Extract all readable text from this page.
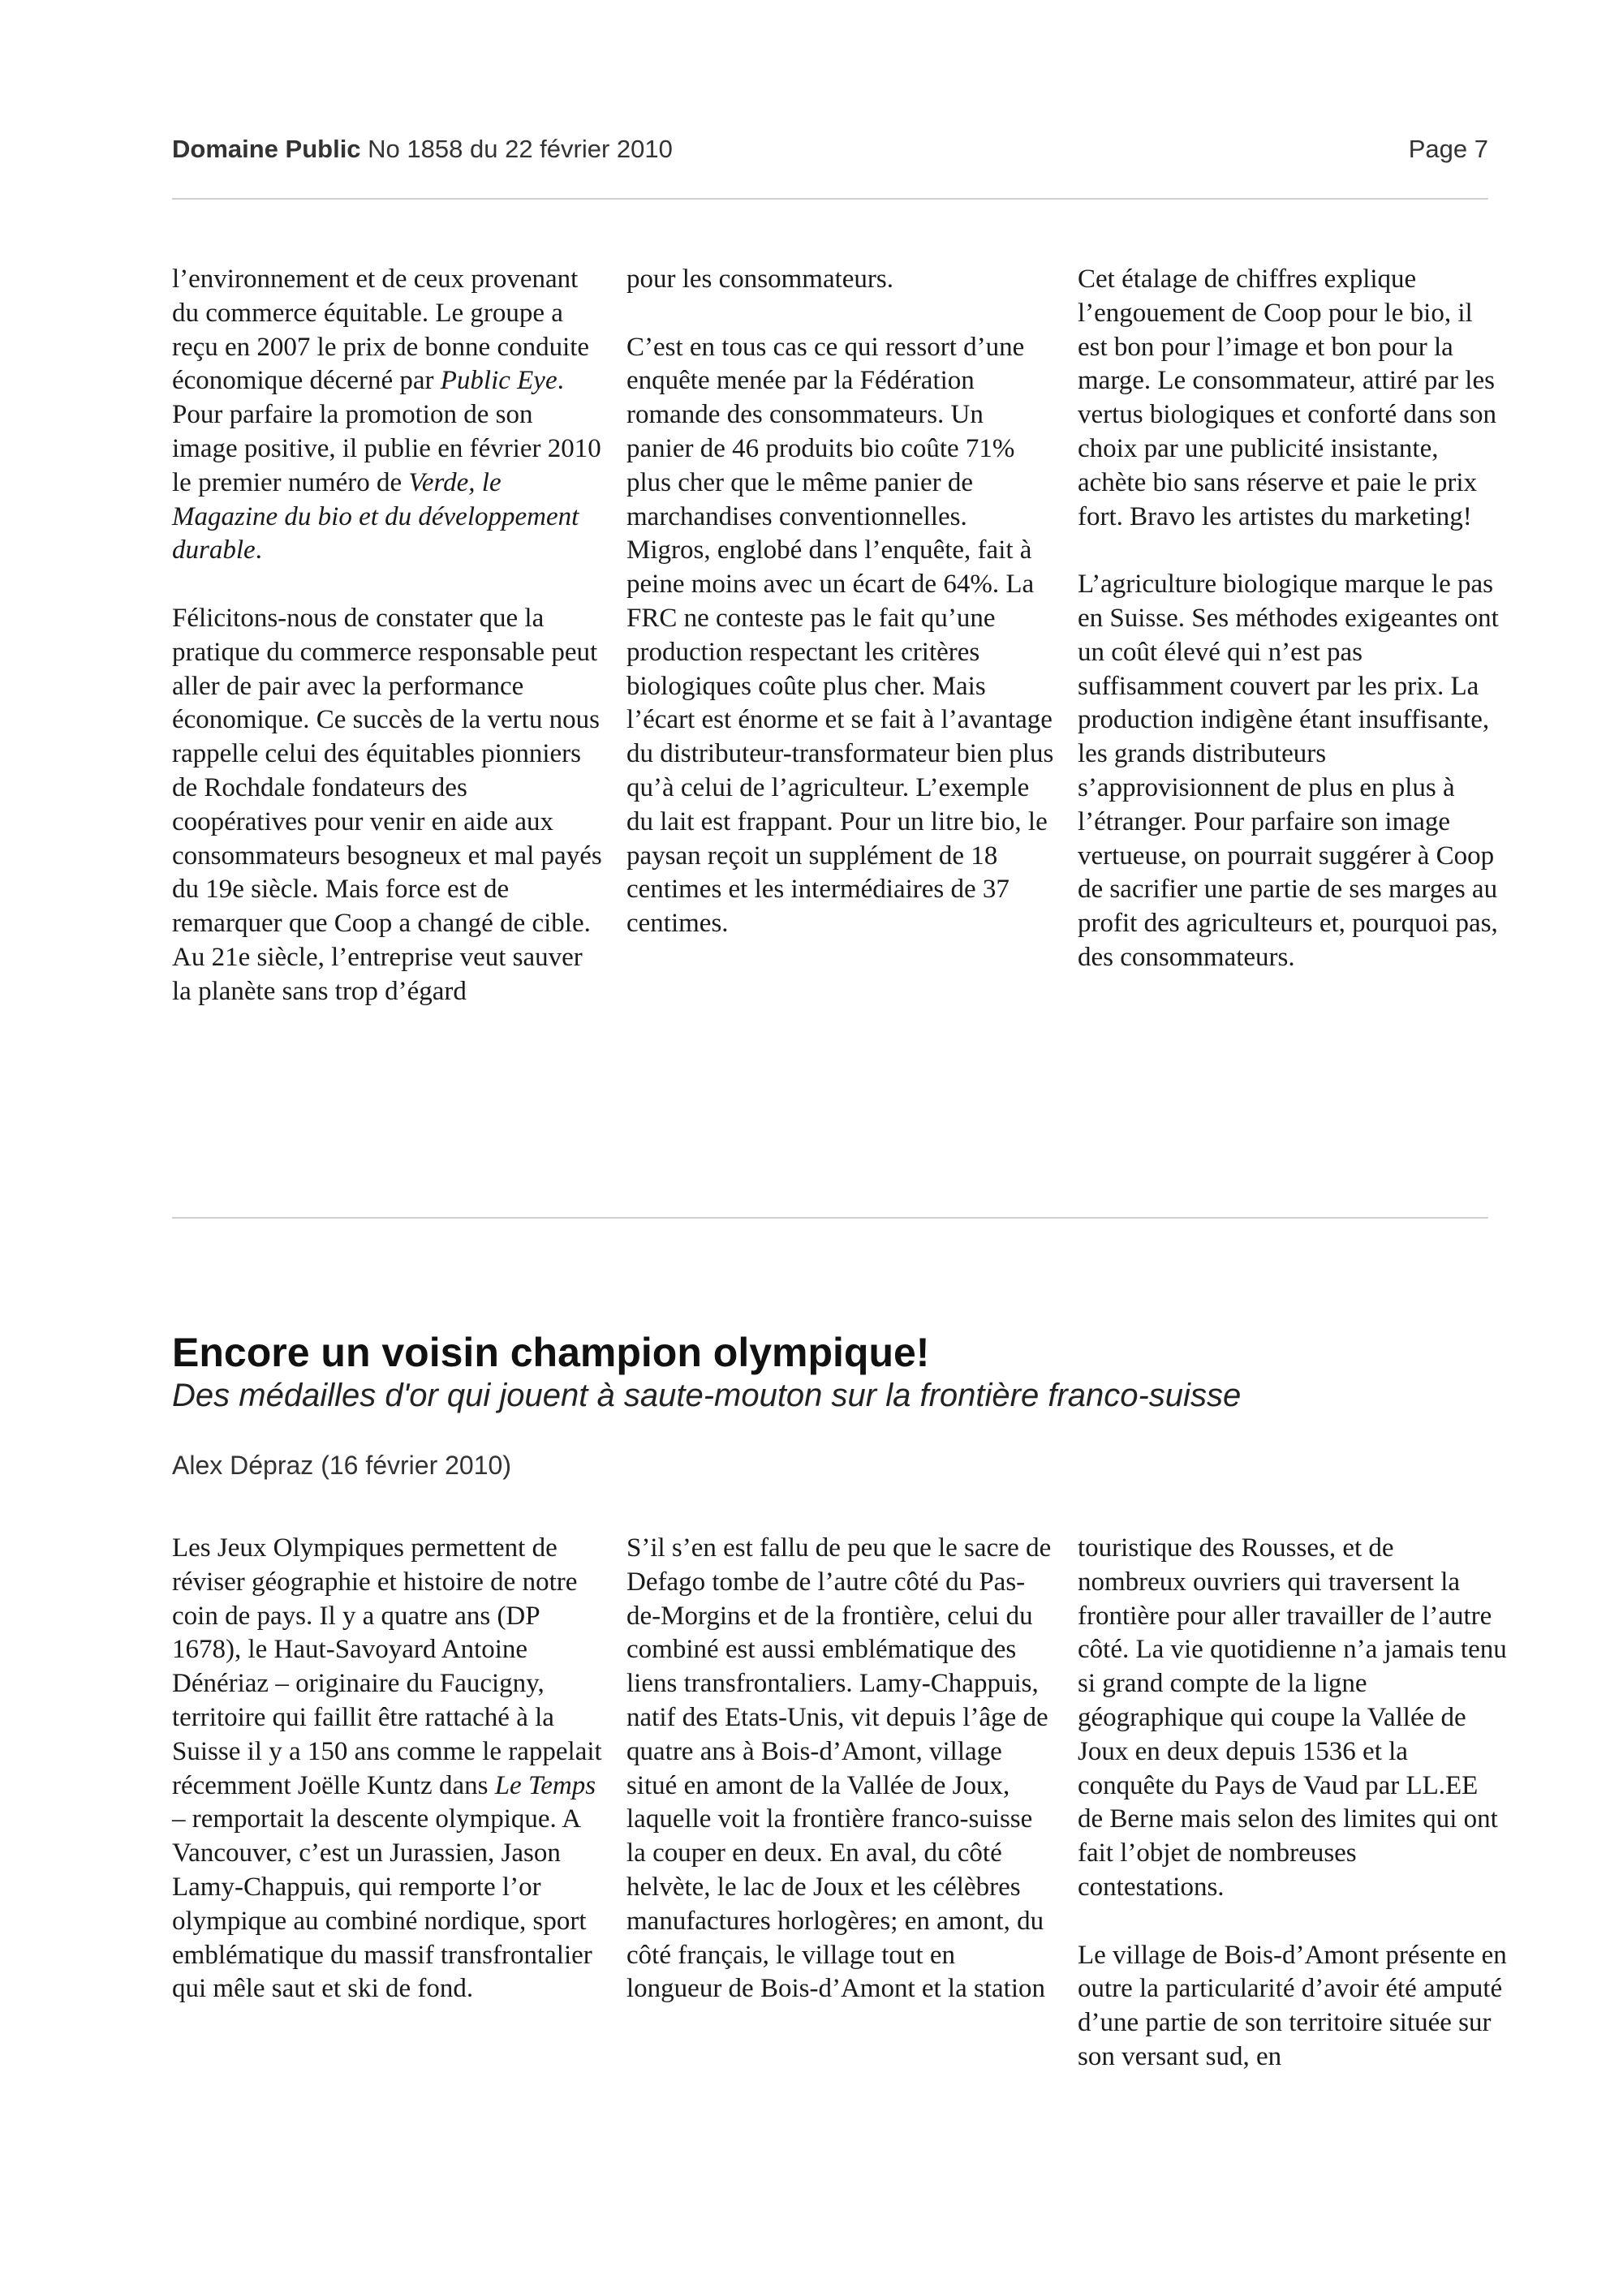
Domaine Public No 1858 du 22 février 2010	Page 7

l’environnement et de ceux provenant du commerce équitable. Le groupe a reçu en 2007 le prix de bonne conduite économique décerné par Public Eye. Pour parfaire la promotion de son image positive, il publie en février 2010 le premier numéro de Verde, le Magazine du bio et du développement durable.

Félicitons-nous de constater que la pratique du commerce responsable peut aller de pair avec la performance économique. Ce succès de la vertu nous rappelle celui des équitables pionniers de Rochdale fondateurs des coopératives pour venir en aide aux consommateurs besogneux et mal payés du 19e siècle. Mais force est de remarquer que Coop a changé de cible. Au 21e siècle, l’entreprise veut sauver la planète sans trop d’égard

pour les consommateurs.

C’est en tous cas ce qui ressort d’une enquête menée par la Fédération romande des consommateurs. Un panier de 46 produits bio coûte 71% plus cher que le même panier de marchandises conventionnelles. Migros, englobé dans l’enquête, fait à peine moins avec un écart de 64%. La FRC ne conteste pas le fait qu’une production respectant les critères biologiques coûte plus cher. Mais l’écart est énorme et se fait à l’avantage du distributeur-transformateur bien plus qu’à celui de l’agriculteur. L’exemple du lait est frappant. Pour un litre bio, le paysan reçoit un supplément de 18 centimes et les intermédiaires de 37 centimes.

Cet étalage de chiffres explique l’engouement de Coop pour le bio, il est bon pour l’image et bon pour la marge. Le consommateur, attiré par les vertus biologiques et conforté dans son choix par une publicité insistante, achète bio sans réserve et paie le prix fort. Bravo les artistes du marketing!

L’agriculture biologique marque le pas en Suisse. Ses méthodes exigeantes ont un coût élevé qui n’est pas suffisamment couvert par les prix. La production indigène étant insuffisante, les grands distributeurs s’approvisionnent de plus en plus à l’étranger. Pour parfaire son image vertueuse, on pourrait suggérer à Coop de sacrifier une partie de ses marges au profit des agriculteurs et, pourquoi pas, des consommateurs.

Encore un voisin champion olympique!
Des médailles d'or qui jouent à saute-mouton sur la frontière franco-suisse
Alex Dépraz (16 février 2010)

Les Jeux Olympiques permettent de réviser géographie et histoire de notre coin de pays. Il y a quatre ans (DP 1678), le Haut-Savoyard Antoine Dénériaz – originaire du Faucigny, territoire qui faillit être rattaché à la Suisse il y a 150 ans comme le rappelait récemment Joëlle Kuntz dans Le Temps – remportait la descente olympique. A Vancouver, c’est un Jurassien, Jason Lamy-Chappuis, qui remporte l’or olympique au combiné nordique, sport emblématique du massif transfrontalier qui mêle saut et ski de fond.

S’il s’en est fallu de peu que le sacre de Defago tombe de l’autre côté du Pas-de-Morgins et de la frontière, celui du combiné est aussi emblématique des liens transfrontaliers. Lamy-Chappuis, natif des Etats-Unis, vit depuis l’âge de quatre ans à Bois-d’Amont, village situé en amont de la Vallée de Joux, laquelle voit la frontière franco-suisse la couper en deux. En aval, du côté helvète, le lac de Joux et les célèbres manufactures horlogères; en amont, du côté français, le village tout en longueur de Bois-d’Amont et la station

touristique des Rousses, et de nombreux ouvriers qui traversent la frontière pour aller travailler de l’autre côté. La vie quotidienne n’a jamais tenu si grand compte de la ligne géographique qui coupe la Vallée de Joux en deux depuis 1536 et la conquête du Pays de Vaud par LL.EE de Berne mais selon des limites qui ont fait l’objet de nombreuses contestations.

Le village de Bois-d’Amont présente en outre la particularité d’avoir été amputé d’une partie de son territoire située sur son versant sud, en
